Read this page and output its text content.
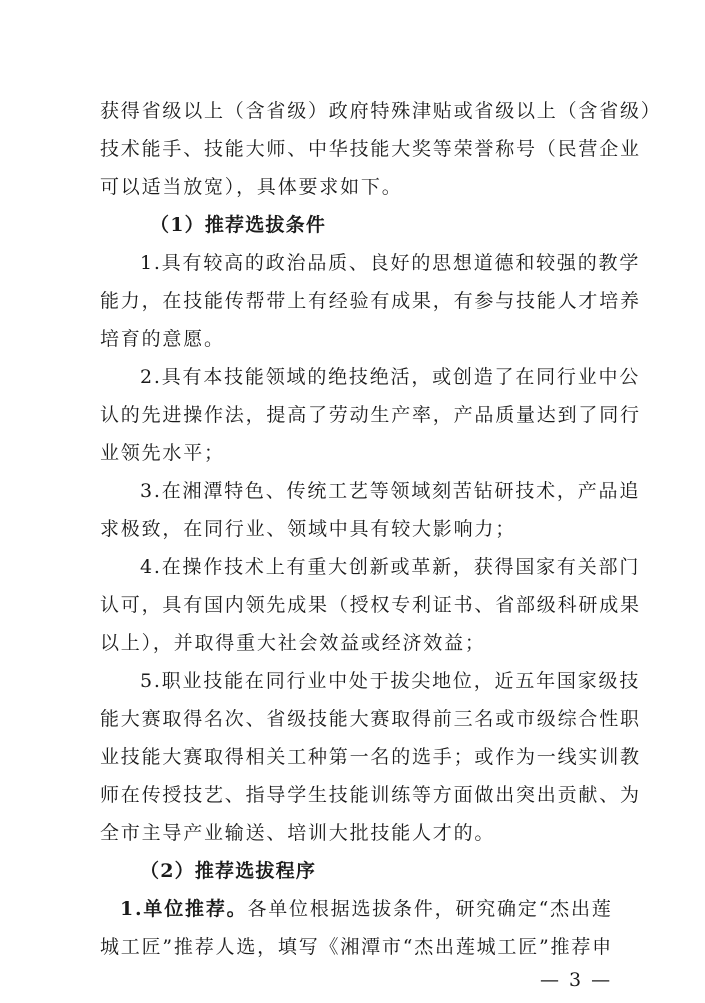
获得省级以上（含省级）政府特殊津贴或省级以上（含省级）
技术能手、技能大师、中华技能大奖等荣誉称号（民营企业
可以适当放宽），具体要求如下。
（1）推荐选拔条件
1.具有较高的政治品质、良好的思想道德和较强的教学
能力，在技能传帮带上有经验有成果，有参与技能人才培养
培育的意愿。
2.具有本技能领域的绝技绝活，或创造了在同行业中公
认的先进操作法，提高了劳动生产率，产品质量达到了同行
业领先水平；
3.在湘潭特色、传统工艺等领域刻苦钻研技术，产品追
求极致，在同行业、领域中具有较大影响力；
4.在操作技术上有重大创新或革新，获得国家有关部门
认可，具有国内领先成果（授权专利证书、省部级科研成果
以上），并取得重大社会效益或经济效益；
5.职业技能在同行业中处于拔尖地位，近五年国家级技
能大赛取得名次、省级技能大赛取得前三名或市级综合性职
业技能大赛取得相关工种第一名的选手；或作为一线实训教
师在传授技艺、指导学生技能训练等方面做出突出贡献、为
全市主导产业输送、培训大批技能人才的。
— 3 —
（2）推荐选拔程序
1.单位推荐。各单位根据选拔条件，研究确定“杰出莲
城工匠”推荐人选，填写《湘潭市“杰出莲城工匠”推荐申
